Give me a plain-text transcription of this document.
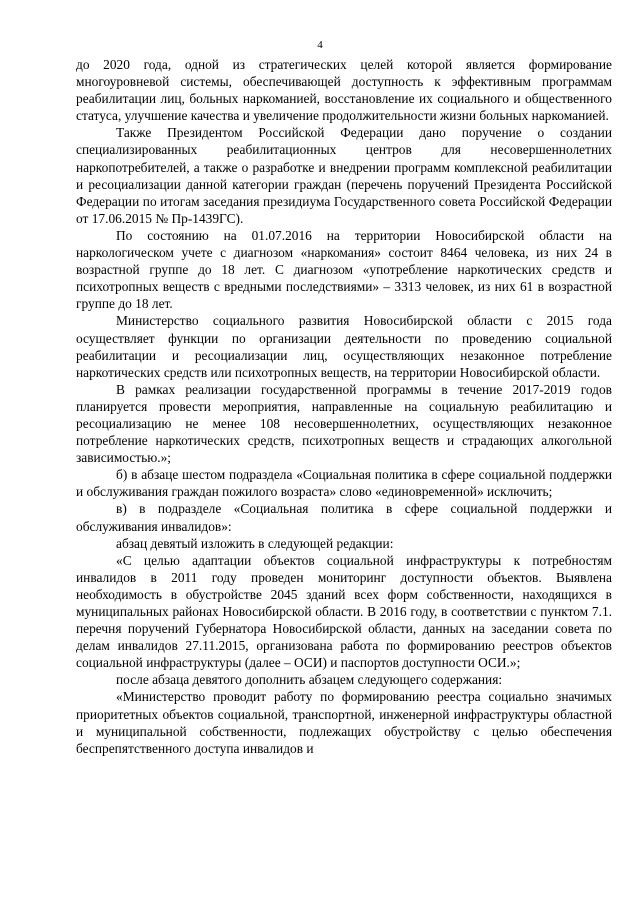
4

до 2020 года, одной из стратегических целей которой является формирование многоуровневой системы, обеспечивающей доступность к эффективным программам реабилитации лиц, больных наркоманией, восстановление их социального и общественного статуса, улучшение качества и увеличение продолжительности жизни больных наркоманией.

Также Президентом Российской Федерации дано поручение о создании специализированных реабилитационных центров для несовершеннолетних наркопотребителей, а также о разработке и внедрении программ комплексной реабилитации и ресоциализации данной категории граждан (перечень поручений Президента Российской Федерации по итогам заседания президиума Государственного совета Российской Федерации от 17.06.2015 № Пр-1439ГС).

По состоянию на 01.07.2016 на территории Новосибирской области на наркологическом учете с диагнозом «наркомания» состоит 8464 человека, из них 24 в возрастной группе до 18 лет. С диагнозом «употребление наркотических средств и психотропных веществ с вредными последствиями» – 3313 человек, из них 61 в возрастной группе до 18 лет.

Министерство социального развития Новосибирской области с 2015 года осуществляет функции по организации деятельности по проведению социальной реабилитации и ресоциализации лиц, осуществляющих незаконное потребление наркотических средств или психотропных веществ, на территории Новосибирской области.

В рамках реализации государственной программы в течение 2017-2019 годов планируется провести мероприятия, направленные на социальную реабилитацию и ресоциализацию не менее 108 несовершеннолетних, осуществляющих незаконное потребление наркотических средств, психотропных веществ и страдающих алкогольной зависимостью.»;

б) в абзаце шестом подраздела «Социальная политика в сфере социальной поддержки и обслуживания граждан пожилого возраста» слово «единовременной» исключить;

в) в подразделе «Социальная политика в сфере социальной поддержки и обслуживания инвалидов»:

абзац девятый изложить в следующей редакции:

«С целью адаптации объектов социальной инфраструктуры к потребностям инвалидов в 2011 году проведен мониторинг доступности объектов. Выявлена необходимость в обустройстве 2045 зданий всех форм собственности, находящихся в муниципальных районах Новосибирской области. В 2016 году, в соответствии с пунктом 7.1. перечня поручений Губернатора Новосибирской области, данных на заседании совета по делам инвалидов 27.11.2015, организована работа по формированию реестров объектов социальной инфраструктуры (далее – ОСИ) и паспортов доступности ОСИ.»;

после абзаца девятого дополнить абзацем следующего содержания:

«Министерство проводит работу по формированию реестра социально значимых приоритетных объектов социальной, транспортной, инженерной инфраструктуры областной и муниципальной собственности, подлежащих обустройству с целью обеспечения беспрепятственного доступа инвалидов и
